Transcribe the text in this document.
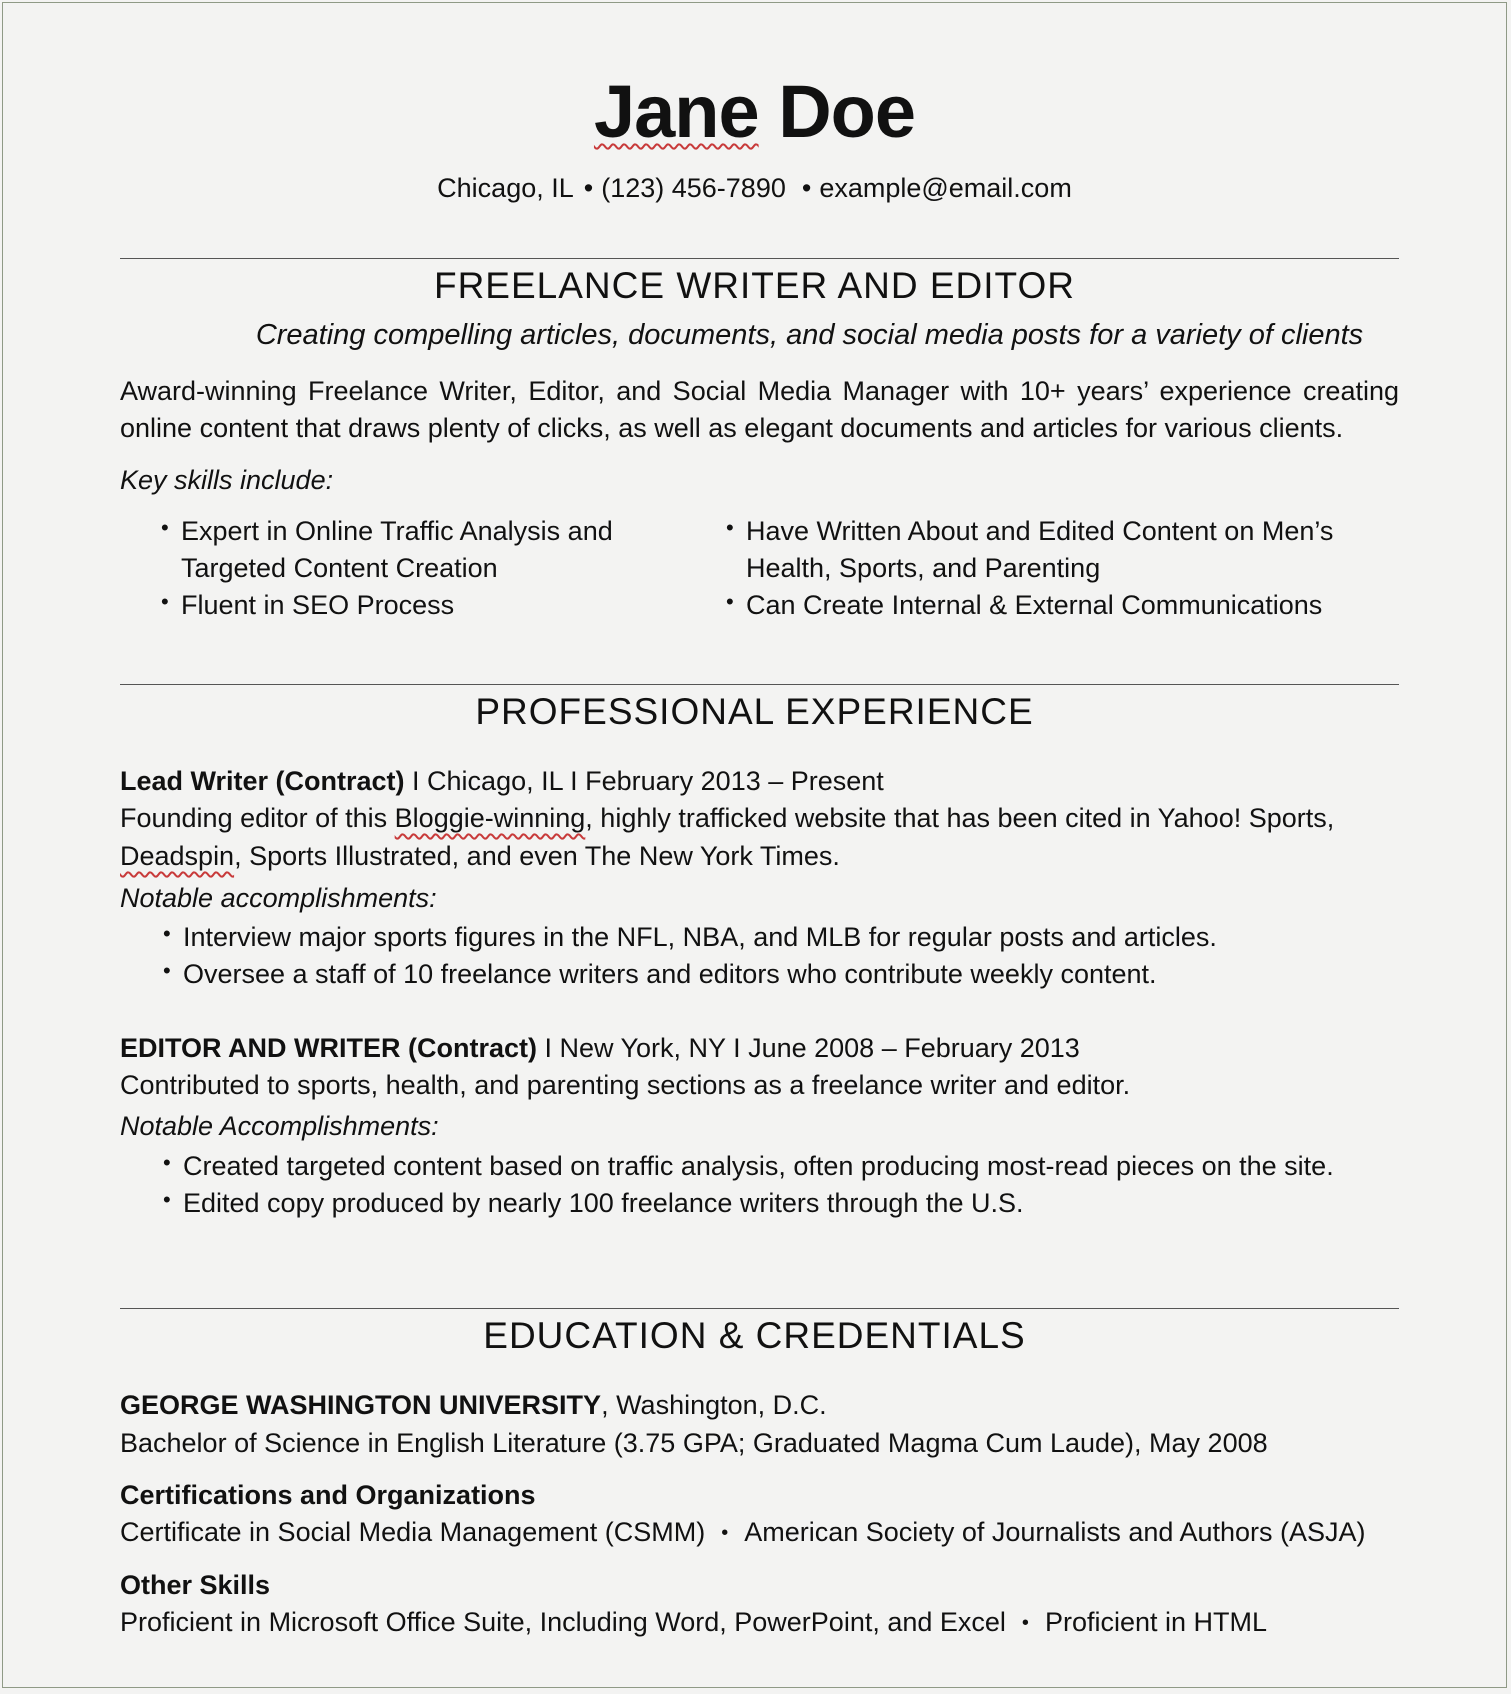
Jane Doe
Chicago, IL • (123) 456-7890 • example@email.com
FREELANCE WRITER AND EDITOR
Creating compelling articles, documents, and social media posts for a variety of clients
Award-winning Freelance Writer, Editor, and Social Media Manager with 10+ years’ experience creating online content that draws plenty of clicks, as well as elegant documents and articles for various clients.
Key skills include:
• Expert in Online Traffic Analysis and Targeted Content Creation
• Fluent in SEO Process
• Have Written About and Edited Content on Men’s Health, Sports, and Parenting
• Can Create Internal & External Communications
PROFESSIONAL EXPERIENCE
Lead Writer (Contract) I Chicago, IL I February 2013 – Present
Founding editor of this Bloggie-winning, highly trafficked website that has been cited in Yahoo! Sports,
Deadspin, Sports Illustrated, and even The New York Times.
Notable accomplishments:
• Interview major sports figures in the NFL, NBA, and MLB for regular posts and articles.
• Oversee a staff of 10 freelance writers and editors who contribute weekly content.
EDITOR AND WRITER (Contract) I New York, NY I June 2008 – February 2013
Contributed to sports, health, and parenting sections as a freelance writer and editor.
Notable Accomplishments:
• Created targeted content based on traffic analysis, often producing most-read pieces on the site.
• Edited copy produced by nearly 100 freelance writers through the U.S.
EDUCATION & CREDENTIALS
GEORGE WASHINGTON UNIVERSITY, Washington, D.C.
Bachelor of Science in English Literature (3.75 GPA; Graduated Magma Cum Laude), May 2008
Certifications and Organizations
Certificate in Social Media Management (CSMM) • American Society of Journalists and Authors (ASJA)
Other Skills
Proficient in Microsoft Office Suite, Including Word, PowerPoint, and Excel • Proficient in HTML
